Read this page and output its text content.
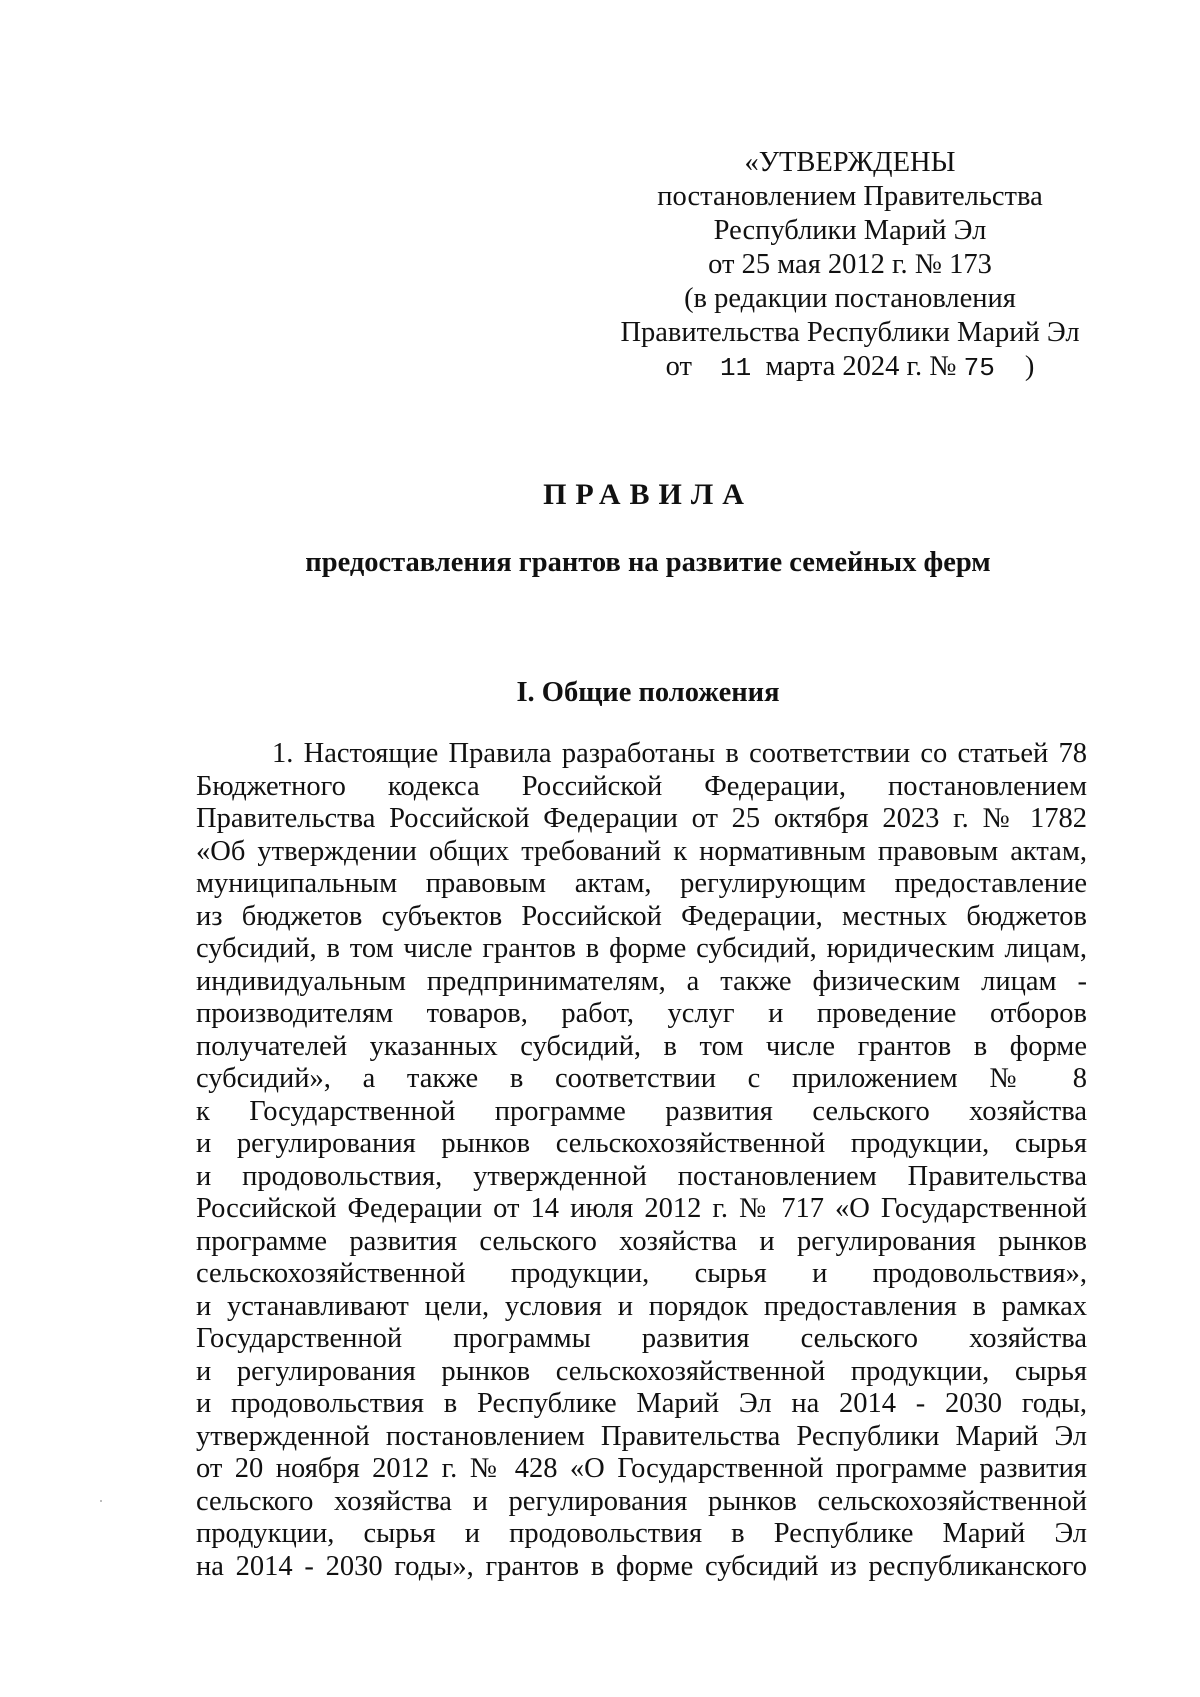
«УТВЕРЖДЕНЫ
постановлением Правительства
Республики Марий Эл
от 25 мая 2012 г. № 173
(в редакции постановления
Правительства Республики Марий Эл
от 11 марта 2024 г. № 75 )
ПРАВИЛА
предоставления грантов на развитие семейных ферм
I. Общие положения
1. Настоящие Правила разработаны в соответствии со статьей 78
Бюджетного кодекса Российской Федерации, постановлением
Правительства Российской Федерации от 25 октября 2023 г. № 1782
«Об утверждении общих требований к нормативным правовым актам,
муниципальным правовым актам, регулирующим предоставление
из бюджетов субъектов Российской Федерации, местных бюджетов
субсидий, в том числе грантов в форме субсидий, юридическим лицам,
индивидуальным предпринимателям, а также физическим лицам -
производителям товаров, работ, услуг и проведение отборов
получателей указанных субсидий, в том числе грантов в форме
субсидий», а также в соответствии с приложением № 8
к Государственной программе развития сельского хозяйства
и регулирования рынков сельскохозяйственной продукции, сырья
и продовольствия, утвержденной постановлением Правительства
Российской Федерации от 14 июля 2012 г. № 717 «О Государственной
программе развития сельского хозяйства и регулирования рынков
сельскохозяйственной продукции, сырья и продовольствия»,
и устанавливают цели, условия и порядок предоставления в рамках
Государственной программы развития сельского хозяйства
и регулирования рынков сельскохозяйственной продукции, сырья
и продовольствия в Республике Марий Эл на 2014 - 2030 годы,
утвержденной постановлением Правительства Республики Марий Эл
от 20 ноября 2012 г. № 428 «О Государственной программе развития
сельского хозяйства и регулирования рынков сельскохозяйственной
продукции, сырья и продовольствия в Республике Марий Эл
на 2014 - 2030 годы», грантов в форме субсидий из республиканского
